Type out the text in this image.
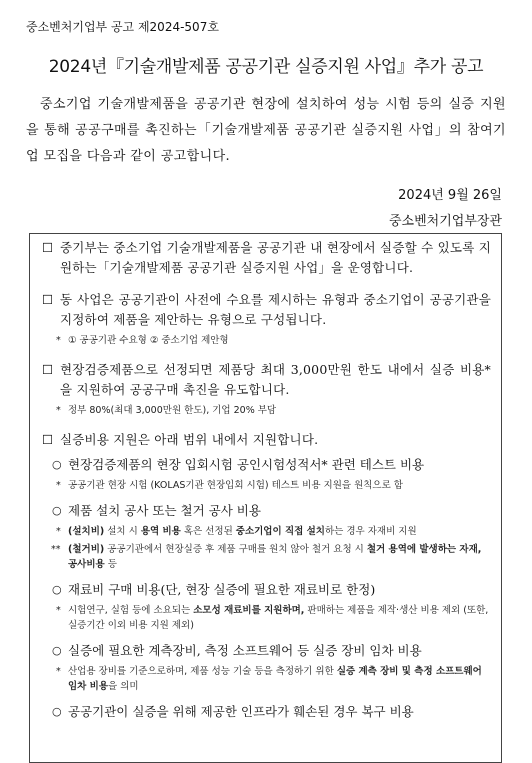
중소벤처기업부 공고 제2024-507호
2024년『기술개발제품 공공기관 실증지원 사업』추가 공고
중소기업 기술개발제품을 공공기관 현장에 설치하여 성능 시험 등의 실증 지원을 통해 공공구매를 촉진하는「기술개발제품 공공기관 실증지원 사업」의 참여기업 모집을 다음과 같이 공고합니다.
2024년 9월 26일
중소벤처기업부장관
☐ 중기부는 중소기업 기술개발제품을 공공기관 내 현장에서 실증할 수 있도록 지원하는「기술개발제품 공공기관 실증지원 사업」을 운영합니다.
☐ 동 사업은 공공기관이 사전에 수요를 제시하는 유형과 중소기업이 공공기관을 지정하여 제품을 제안하는 유형으로 구성됩니다.
* ① 공공기관 수요형 ② 중소기업 제안형
☐ 현장검증제품으로 선정되면 제품당 최대 3,000만원 한도 내에서 실증 비용*을 지원하여 공공구매 촉진을 유도합니다.
* 정부 80%(최대 3,000만원 한도), 기업 20% 부담
☐ 실증비용 지원은 아래 범위 내에서 지원합니다.
○ 현장검증제품의 현장 입회시험 공인시험성적서* 관련 테스트 비용
* 공공기관 현장 시험 (KOLAS기관 현장입회 시험) 테스트 비용 지원을 원칙으로 함
○ 제품 설치 공사 또는 철거 공사 비용
* (설치비) 설치 시 용역 비용 혹은 선정된 중소기업이 직접 설치하는 경우 자재비 지원
** (철거비) 공공기관에서 현장실증 후 제품 구매를 원치 않아 철거 요청 시 철거 용역에 발생하는 자재, 공사비용 등
○ 재료비 구매 비용(단, 현장 실증에 필요한 재료비로 한정)
* 시험연구, 실험 등에 소요되는 소모성 재료비를 지원하며, 판매하는 제품을 제작·생산 비용 제외 (또한, 실증기간 이외 비용 지원 제외)
○ 실증에 필요한 계측장비, 측정 소프트웨어 등 실증 장비 임차 비용
* 산업용 장비를 기준으로하며, 제품 성능 기술 등을 측정하기 위한 실증 계측 장비 및 측정 소프트웨어 임차 비용을 의미
○ 공공기관이 실증을 위해 제공한 인프라가 훼손된 경우 복구 비용
